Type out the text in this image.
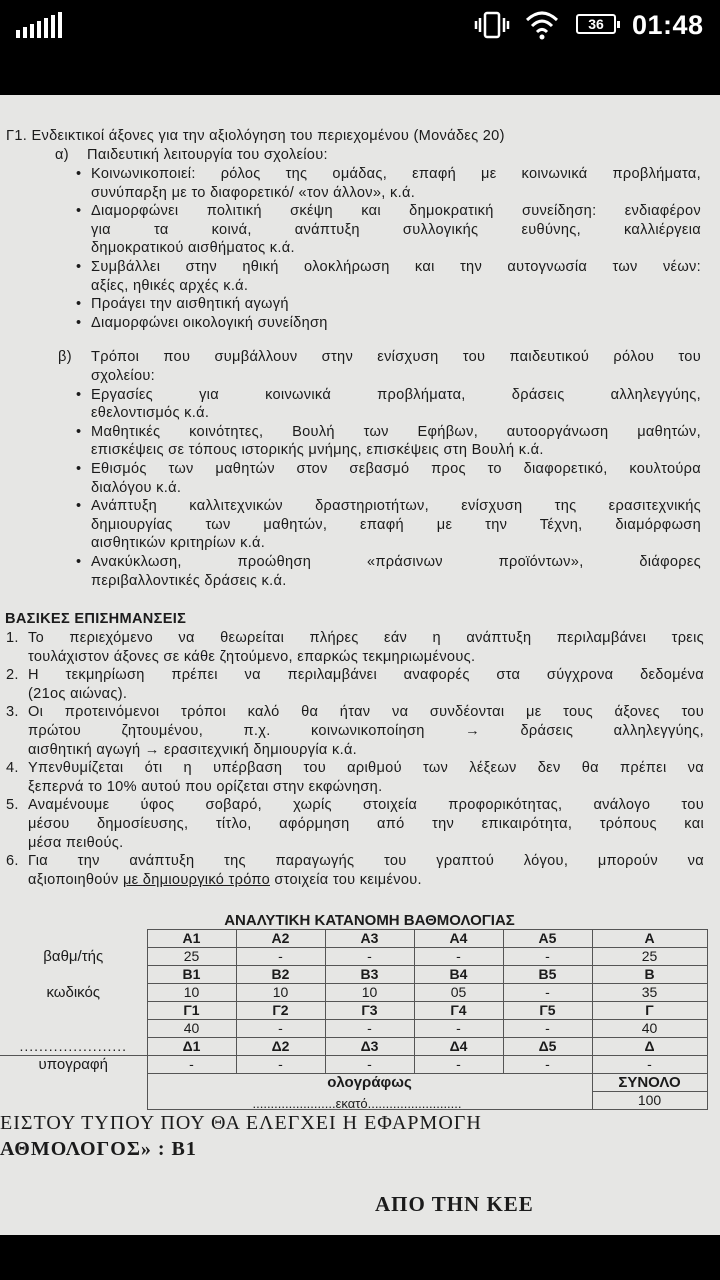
36	01:48
Γ1. Ενδεικτικοί άξονες για την αξιολόγηση του περιεχομένου (Μονάδες 20)
α) Παιδευτική λειτουργία του σχολείου:
• Κοινωνικοποιεί: ρόλος της ομάδας, επαφή με κοινωνικά προβλήματα,
συνύπαρξη με το διαφορετικό/ «τον άλλον», κ.ά.
• Διαμορφώνει πολιτική σκέψη και δημοκρατική συνείδηση: ενδιαφέρον
για τα κοινά, ανάπτυξη συλλογικής ευθύνης, καλλιέργεια
δημοκρατικού αισθήματος κ.ά.
• Συμβάλλει στην ηθική ολοκλήρωση και την αυτογνωσία των νέων:
αξίες, ηθικές αρχές κ.ά.
• Προάγει την αισθητική αγωγή
• Διαμορφώνει οικολογική συνείδηση
β) Τρόποι που συμβάλλουν στην ενίσχυση του παιδευτικού ρόλου του
σχολείου:
• Εργασίες για κοινωνικά προβλήματα, δράσεις αλληλεγγύης,
εθελοντισμός κ.ά.
• Μαθητικές κοινότητες, Βουλή των Εφήβων, αυτοοργάνωση μαθητών,
επισκέψεις σε τόπους ιστορικής μνήμης, επισκέψεις στη Βουλή κ.ά.
• Εθισμός των μαθητών στον σεβασμό προς το διαφορετικό, κουλτούρα
διαλόγου κ.ά.
• Ανάπτυξη καλλιτεχνικών δραστηριοτήτων, ενίσχυση της ερασιτεχνικής
δημιουργίας των μαθητών, επαφή με την Τέχνη, διαμόρφωση
αισθητικών κριτηρίων κ.ά.
• Ανακύκλωση, προώθηση «πράσινων προϊόντων», διάφορες
περιβαλλοντικές δράσεις κ.ά.
ΒΑΣΙΚΕΣ ΕΠΙΣΗΜΑΝΣΕΙΣ
1. Το περιεχόμενο να θεωρείται πλήρες εάν η ανάπτυξη περιλαμβάνει τρεις
τουλάχιστον άξονες σε κάθε ζητούμενο, επαρκώς τεκμηριωμένους.
2. Η τεκμηρίωση πρέπει να περιλαμβάνει αναφορές στα σύγχρονα δεδομένα
(21ος αιώνας).
3. Οι προτεινόμενοι τρόποι καλό θα ήταν να συνδέονται με τους άξονες του
πρώτου ζητουμένου, π.χ. κοινωνικοποίηση → δράσεις αλληλεγγύης,
αισθητική αγωγή → ερασιτεχνική δημιουργία κ.ά.
4. Υπενθυμίζεται ότι η υπέρβαση του αριθμού των λέξεων δεν θα πρέπει να
ξεπερνά το 10% αυτού που ορίζεται στην εκφώνηση.
5. Αναμένουμε ύφος σοβαρό, χωρίς στοιχεία προφορικότητας, ανάλογο του
μέσου δημοσίευσης, τίτλο, αφόρμηση από την επικαιρότητα, τρόπους και
μέσα πειθούς.
6. Για την ανάπτυξη της παραγωγής του γραπτού λόγου, μπορούν να
αξιοποιηθούν με δημιουργικό τρόπο στοιχεία του κειμένου.
.......................εκατό..........................
	ΑΝΑΛΥΤΙΚΗ ΚΑΤΑΝΟΜΗ ΒΑΘΜΟΛΟΓΙΑΣ					
	A1	A2	A3	A4	A5	A
βαθμ/τής	25	-	-	-	-	25
	B1	B2	B3	B4	B5	B
κωδικός	10	10	10	05	-	35
	Γ1	Γ2	Γ3	Γ4	Γ5	Γ
	40	-	-	-	-	40
......................	Δ1	Δ2	Δ3	Δ4	Δ5	Δ
υπογραφή	-	-	-	-	-	-
	ολογράφως					ΣΥΝΟΛΟ
						100
ΕΙΣΤΟΥ ΤΥΠΟΥ ΠΟΥ ΘΑ ΕΛΕΓΧΕΙ Η ΕΦΑΡΜΟΓΗ
ΑΘΜΟΛΟΓΟΣ» : Β1
ΑΠΟ ΤΗΝ ΚΕΕ
